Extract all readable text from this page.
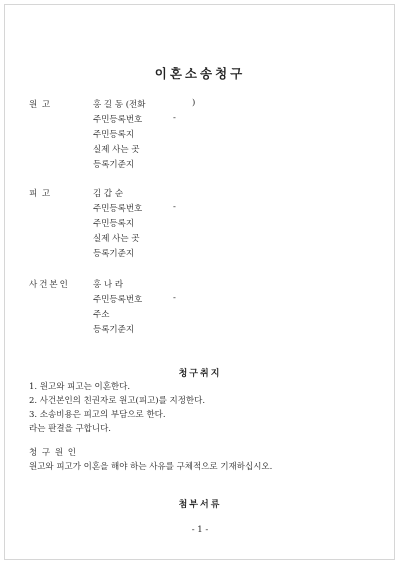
이혼소송청구
원 고	홍 길 동 (전화	)
주민등록번호	-
주민등록지
실제 사는 곳
등록기준지
피 고	김 갑 순
주민등록번호	-
주민등록지
실제 사는 곳
등록기준지
사건본인	홍 나 라
주민등록번호	-
주소
등록기준지
청구취지
1. 원고와 피고는 이혼한다.
2. 사건본인의 친권자로 원고(피고)를 지정한다.
3. 소송비용은 피고의 부담으로 한다.
라는 판결을 구합니다.
청 구 원 인
원고와 피고가 이혼을 해야 하는 사유를 구체적으로 기재하십시오.
첨부서류
- 1 -
